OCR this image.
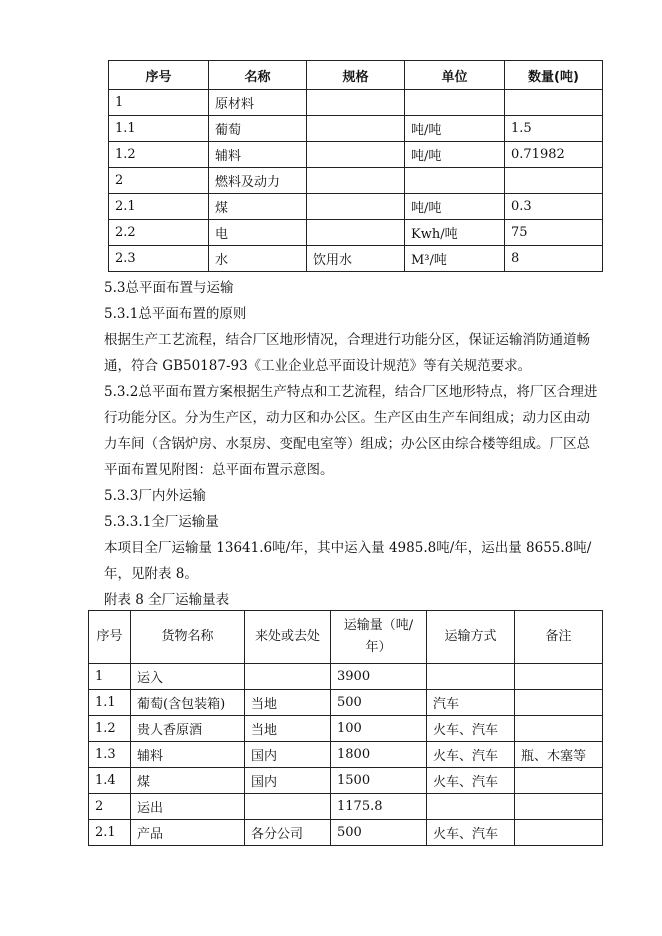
序号	名称	规格	单位	数量(吨)
1	原材料			
1.1	葡萄		吨/吨	1.5
1.2	辅料		吨/吨	0.71982
2	燃料及动力			
2.1	煤		吨/吨	0.3
2.2	电		Kwh/吨	75
2.3	水	饮用水	M³/吨	8
5.3总平面布置与运输
5.3.1总平面布置的原则
根据生产工艺流程，结合厂区地形情况，合理进行功能分区，保证运输消防通道畅
通，符合 GB50187-93《工业企业总平面设计规范》等有关规范要求。
5.3.2总平面布置方案根据生产特点和工艺流程，结合厂区地形特点，将厂区合理进
行功能分区。分为生产区，动力区和办公区。生产区由生产车间组成；动力区由动
力车间（含锅炉房、水泵房、变配电室等）组成；办公区由综合楼等组成。厂区总
平面布置见附图：总平面布置示意图。
5.3.3厂内外运输
5.3.3.1全厂运输量
本项目全厂运输量 13641.6吨/年，其中运入量 4985.8吨/年，运出量 8655.8吨/
年，见附表 8。
附表 8 全厂运输量表
序号	货物名称	来处或去处	运输量（吨/年）	运输方式	备注
1	运入		3900		
1.1	葡萄(含包装箱)	当地	500	汽车	
1.2	贵人香原酒	当地	100	火车、汽车	
1.3	辅料	国内	1800	火车、汽车	瓶、木塞等
1.4	煤	国内	1500	火车、汽车	
2	运出		1175.8		
2.1	产品	各分公司	500	火车、汽车	
